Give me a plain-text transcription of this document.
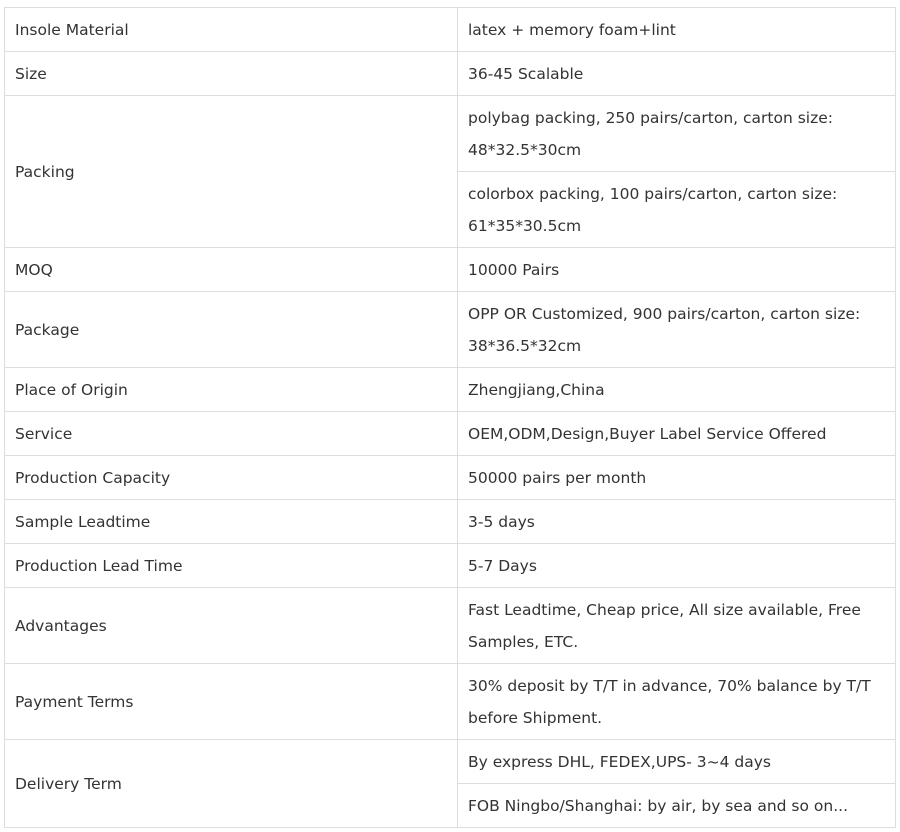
Insole Material	latex + memory foam+lint
Size	36-45 Scalable
Packing	polybag packing, 250 pairs/carton, carton size: 48*32.5*30cm
	colorbox packing, 100 pairs/carton, carton size: 61*35*30.5cm
MOQ	10000 Pairs
Package	OPP OR Customized, 900 pairs/carton, carton size: 38*36.5*32cm
Place of Origin	Zhengjiang,China
Service	OEM,ODM,Design,Buyer Label Service Offered
Production Capacity	50000 pairs per month
Sample Leadtime	3-5 days
Production Lead Time	5-7 Days
Advantages	Fast Leadtime, Cheap price, All size available, Free Samples, ETC.
Payment Terms	30% deposit by T/T in advance, 70% balance by T/T before Shipment.
Delivery Term	By express DHL, FEDEX,UPS- 3~4 days
	FOB Ningbo/Shanghai: by air, by sea and so on...
